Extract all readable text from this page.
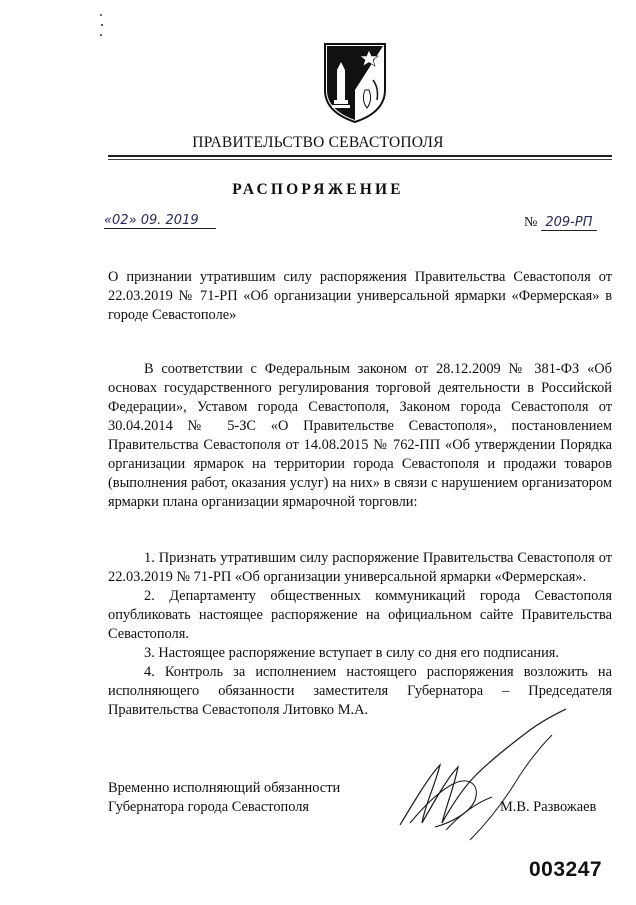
ПРАВИТЕЛЬСТВО СЕВАСТОПОЛЯ
РАСПОРЯЖЕНИЕ
«02» 09. 2019	№ 209-РП
О признании утратившим силу распоряжения Правительства Севастополя от 22.03.2019 № 71-РП «Об организации универсальной ярмарки «Фермерская» в городе Севастополе»

В соответствии с Федеральным законом от 28.12.2009 № 381-ФЗ «Об основах государственного регулирования торговой деятельности в Российской Федерации», Уставом города Севастополя, Законом города Севастополя от 30.04.2014 № 5-ЗС «О Правительстве Севастополя», постановлением Правительства Севастополя от 14.08.2015 № 762-ПП «Об утверждении Порядка организации ярмарок на территории города Севастополя и продажи товаров (выполнения работ, оказания услуг) на них» в связи с нарушением организатором ярмарки плана организации ярмарочной торговли:

1. Признать утратившим силу распоряжение Правительства Севастополя от 22.03.2019 № 71-РП «Об организации универсальной ярмарки «Фермерская».

2. Департаменту общественных коммуникаций города Севастополя опубликовать настоящее распоряжение на официальном сайте Правительства Севастополя.

3. Настоящее распоряжение вступает в силу со дня его подписания.

4. Контроль за исполнением настоящего распоряжения возложить на исполняющего обязанности заместителя Губернатора – Председателя Правительства Севастополя Литовко М.А.

Временно исполняющий обязанности
Губернатора города Севастополя	М.В. Развожаев
003247
